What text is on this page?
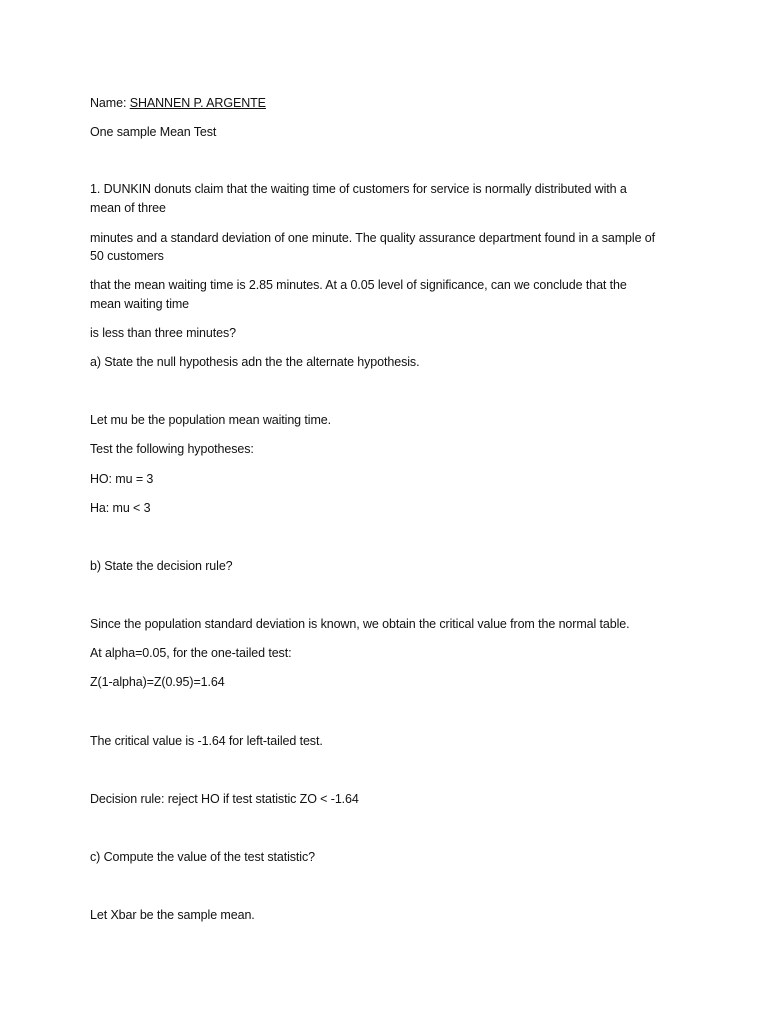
Name: SHANNEN P. ARGENTE
One sample Mean Test
1. DUNKIN donuts claim that the waiting time of customers for service is normally distributed with a
mean of three
minutes and a standard deviation of one minute. The quality assurance department found in a sample of
50 customers
that the mean waiting time is 2.85 minutes. At a 0.05 level of significance, can we conclude that the
mean waiting time
is less than three minutes?
a) State the null hypothesis adn the the alternate hypothesis.
Let mu be the population mean waiting time.
Test the following hypotheses:
HO: mu = 3
Ha: mu < 3
b) State the decision rule?
Since the population standard deviation is known, we obtain the critical value from the normal table.
At alpha=0.05, for the one-tailed test:
Z(1-alpha)=Z(0.95)=1.64
The critical value is -1.64 for left-tailed test.
Decision rule: reject HO if test statistic ZO < -1.64
c) Compute the value of the test statistic?
Let Xbar be the sample mean.
